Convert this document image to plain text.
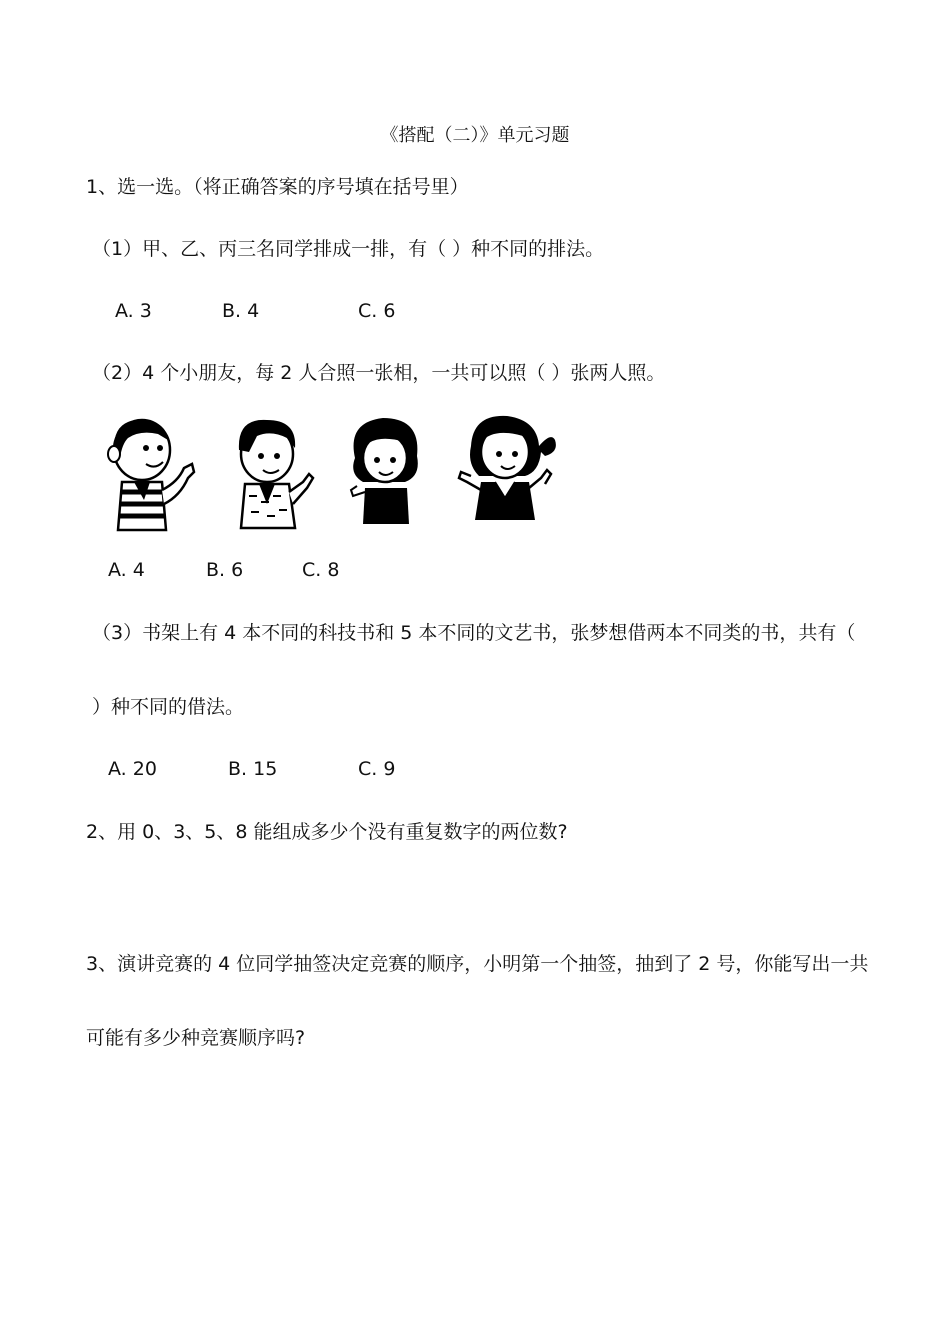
《搭配（二）》单元习题
1、选一选。（将正确答案的序号填在括号里）
（1）甲、乙、丙三名同学排成一排，有（ ）种不同的排法。
A. 3	B. 4	C. 6
（2）4 个小朋友，每 2 人合照一张相，一共可以照（ ）张两人照。
A. 4	B. 6	C. 8
（3）书架上有 4 本不同的科技书和 5 本不同的文艺书，张梦想借两本不同类的书，共有（
）种不同的借法。
A. 20	B. 15	C. 9
2、用 0、3、5、8 能组成多少个没有重复数字的两位数?
3、演讲竞赛的 4 位同学抽签决定竞赛的顺序，小明第一个抽签，抽到了 2 号，你能写出一共
可能有多少种竞赛顺序吗?
